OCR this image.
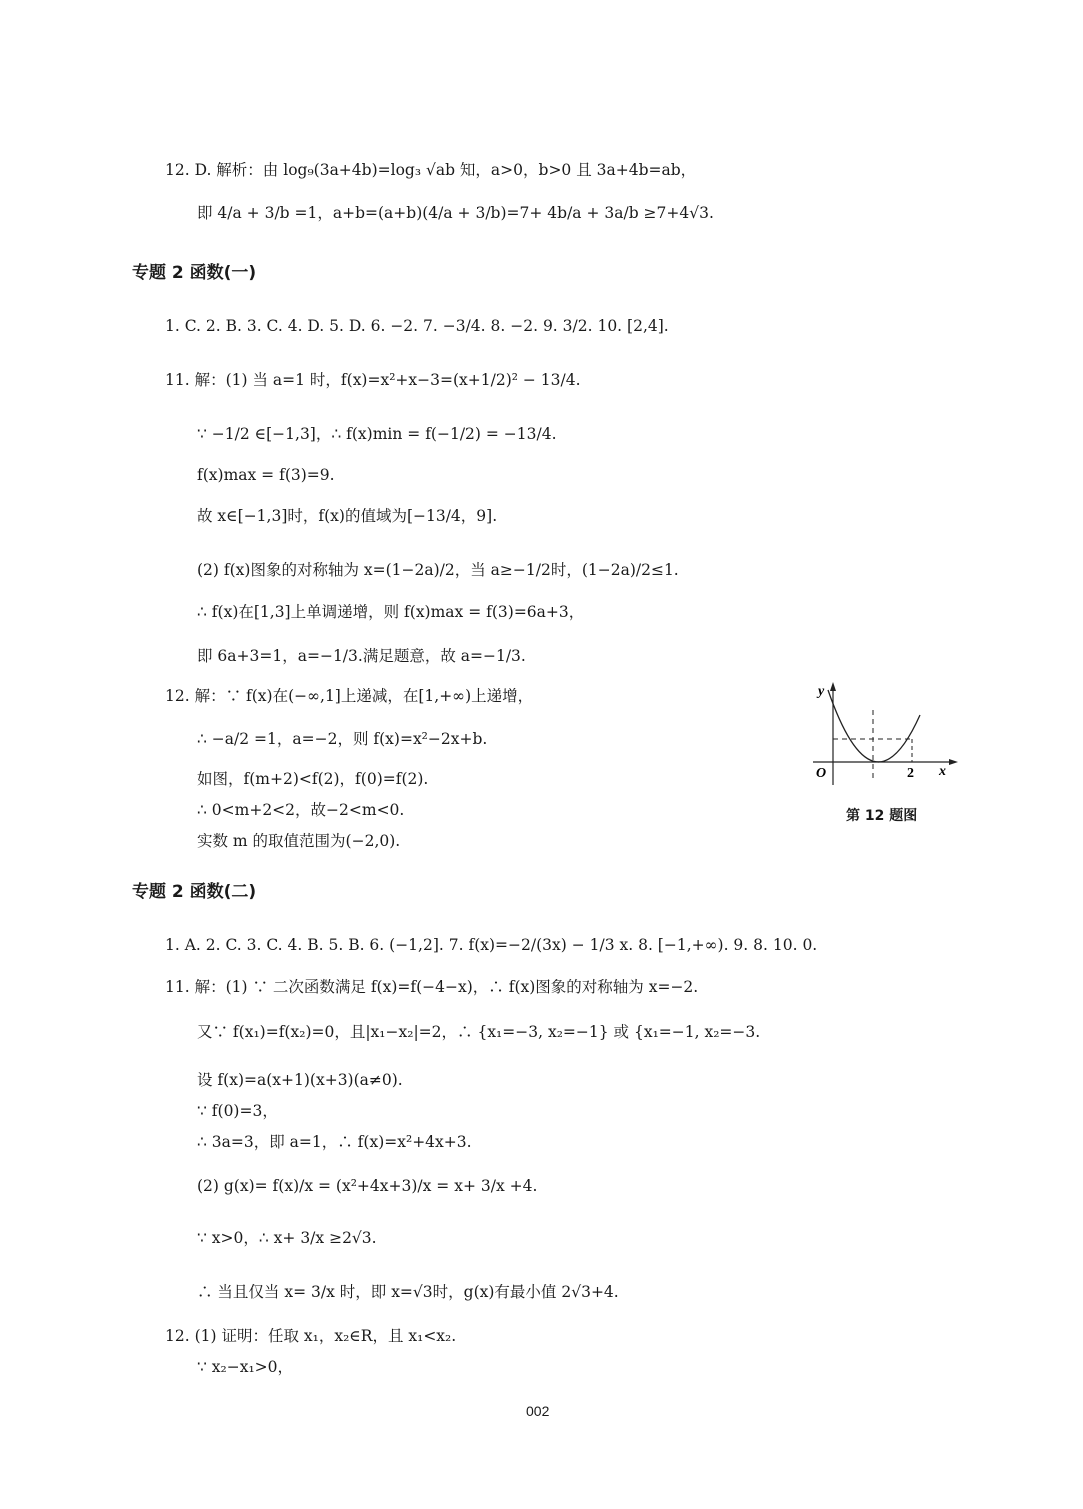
12. D. 解析：由 log₉(3a+4b)=log₃ √ab 知，a>0，b>0 且 3a+4b=ab，
即 4/a + 3/b =1，a+b=(a+b)(4/a + 3/b)=7+ 4b/a + 3a/b ≥7+4√3.
专题 2 函数(一)
1. C. 2. B. 3. C. 4. D. 5. D. 6. −2. 7. −3/4. 8. −2. 9. 3/2. 10. [2,4].
11. 解：(1) 当 a=1 时，f(x)=x²+x−3=(x+1/2)² − 13/4.
∵ −1/2 ∈[−1,3]，∴ f(x)min = f(−1/2) = −13/4.
f(x)max = f(3)=9.
故 x∈[−1,3]时，f(x)的值域为[−13/4，9].
(2) f(x)图象的对称轴为 x=(1−2a)/2，当 a≥−1/2时，(1−2a)/2≤1.
∴ f(x)在[1,3]上单调递增，则 f(x)max = f(3)=6a+3，
即 6a+3=1，a=−1/3.满足题意，故 a=−1/3.
12. 解：∵ f(x)在(−∞,1]上递减，在[1,+∞)上递增，
∴ −a/2 =1，a=−2，则 f(x)=x²−2x+b.
如图，f(m+2)<f(2)，f(0)=f(2).
∴ 0<m+2<2，故−2<m<0.
实数 m 的取值范围为(−2,0).
y
O	2 x
第 12 题图
专题 2 函数(二)
1. A. 2. C. 3. C. 4. B. 5. B. 6. (−1,2]. 7. f(x)=−2/(3x) − 1/3 x. 8. [−1,+∞). 9. 8. 10. 0.
11. 解：(1) ∵ 二次函数满足 f(x)=f(−4−x)，∴ f(x)图象的对称轴为 x=−2.
又∵ f(x₁)=f(x₂)=0，且|x₁−x₂|=2，∴ {x₁=−3, x₂=−1} 或 {x₁=−1, x₂=−3.
设 f(x)=a(x+1)(x+3)(a≠0).
∵ f(0)=3，
∴ 3a=3，即 a=1，∴ f(x)=x²+4x+3.
(2) g(x)= f(x)/x = (x²+4x+3)/x = x+ 3/x +4.
∵ x>0，∴ x+ 3/x ≥2√3.
∴ 当且仅当 x= 3/x 时，即 x=√3时，g(x)有最小值 2√3+4.
12. (1) 证明：任取 x₁，x₂∈R，且 x₁<x₂.
∵ x₂−x₁>0，
002
